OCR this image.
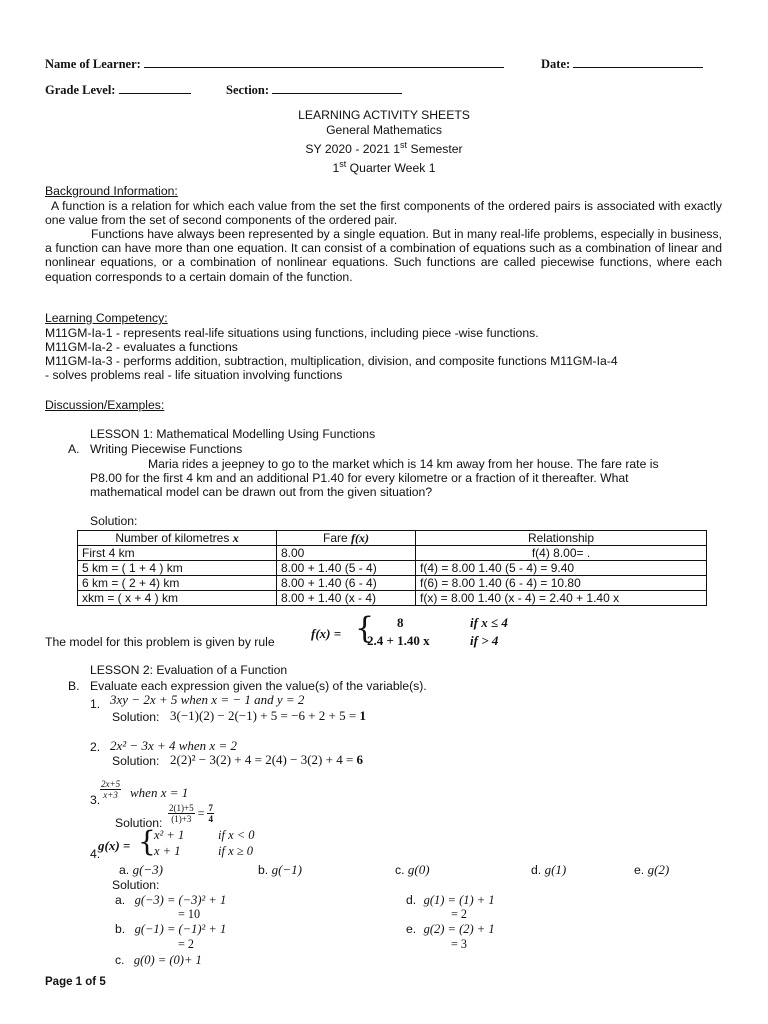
Name of Learner:	Date:
Grade Level:	Section:
LEARNING ACTIVITY SHEETS
General Mathematics
SY 2020 - 2021 1st Semester
1st Quarter Week 1
Background Information:
A function is a relation for which each value from the set the first components of the ordered pairs is associated with exactly one value from the set of second components of the ordered pair.
Functions have always been represented by a single equation. But in many real-life problems, especially in business, a function can have more than one equation. It can consist of a combination of equations such as a combination of linear and nonlinear equations, or a combination of nonlinear equations. Such functions are called piecewise functions, where each equation corresponds to a certain domain of the function.
Learning Competency:
M11GM-Ia-1 - represents real-life situations using functions, including piece -wise functions.
M11GM-Ia-2 - evaluates a functions
M11GM-Ia-3 - performs addition, subtraction, multiplication, division, and composite functions M11GM-Ia-4
- solves problems real - life situation involving functions
Discussion/Examples:
LESSON 1: Mathematical Modelling Using Functions
A. Writing Piecewise Functions
Maria rides a jeepney to go to the market which is 14 km away from her house. The fare rate is
P8.00 for the first 4 km and an additional P1.40 for every kilometre or a fraction of it thereafter. What
mathematical model can be drawn out from the given situation?
Solution:
Number of kilometres x	Fare f(x)	Relationship
First 4 km	8.00	f(4) 8.00= .
5 km = ( 1 + 4 ) km	8.00 + 1.40 (5 - 4)	f(4) = 8.00 1.40 (5 - 4) = 9.40
6 km = ( 2 + 4) km	8.00 + 1.40 (6 - 4)	f(6) = 8.00 1.40 (6 - 4) = 10.80
xkm = ( x + 4 ) km	8.00 + 1.40 (x - 4)	f(x) = 8.00 1.40 (x - 4) = 2.40 + 1.40 x
The model for this problem is given by rule
f(x) = { 8	if x ≤ 4
2.4 + 1.40 x	if > 4
LESSON 2: Evaluation of a Function
B. Evaluate each expression given the value(s) of the variable(s).
1. 3xy − 2x + 5 when x = − 1 and y = 2
Solution: 3(−1)(2) − 2(−1) + 5 = −6 + 2 + 5 = 1
2. 2x² − 3x + 4 when x = 2
Solution: 2(2)² − 3(2) + 4 = 2(4) − 3(2) + 4 = 6
3. $\frac{2x+5}{x+3}$ when x = 1
Solution: $\frac{2(1)+5}{(1)+3} = \frac{7}{4}$
4.
g(x) = {
x² + 1	if x < 0
x + 1	if x ≥ 0
a. g(−3)	b. g(−1)	c. g(0)	d. g(1)	e. g(2)
Solution:
a. g(−3) = (−3)² + 1
= 10
b. g(−1) = (−1)² + 1
= 2
c. g(0) = (0)+ 1
d. g(1) = (1) + 1
= 2
e. g(2) = (2) + 1
= 3
Page 1 of 5
